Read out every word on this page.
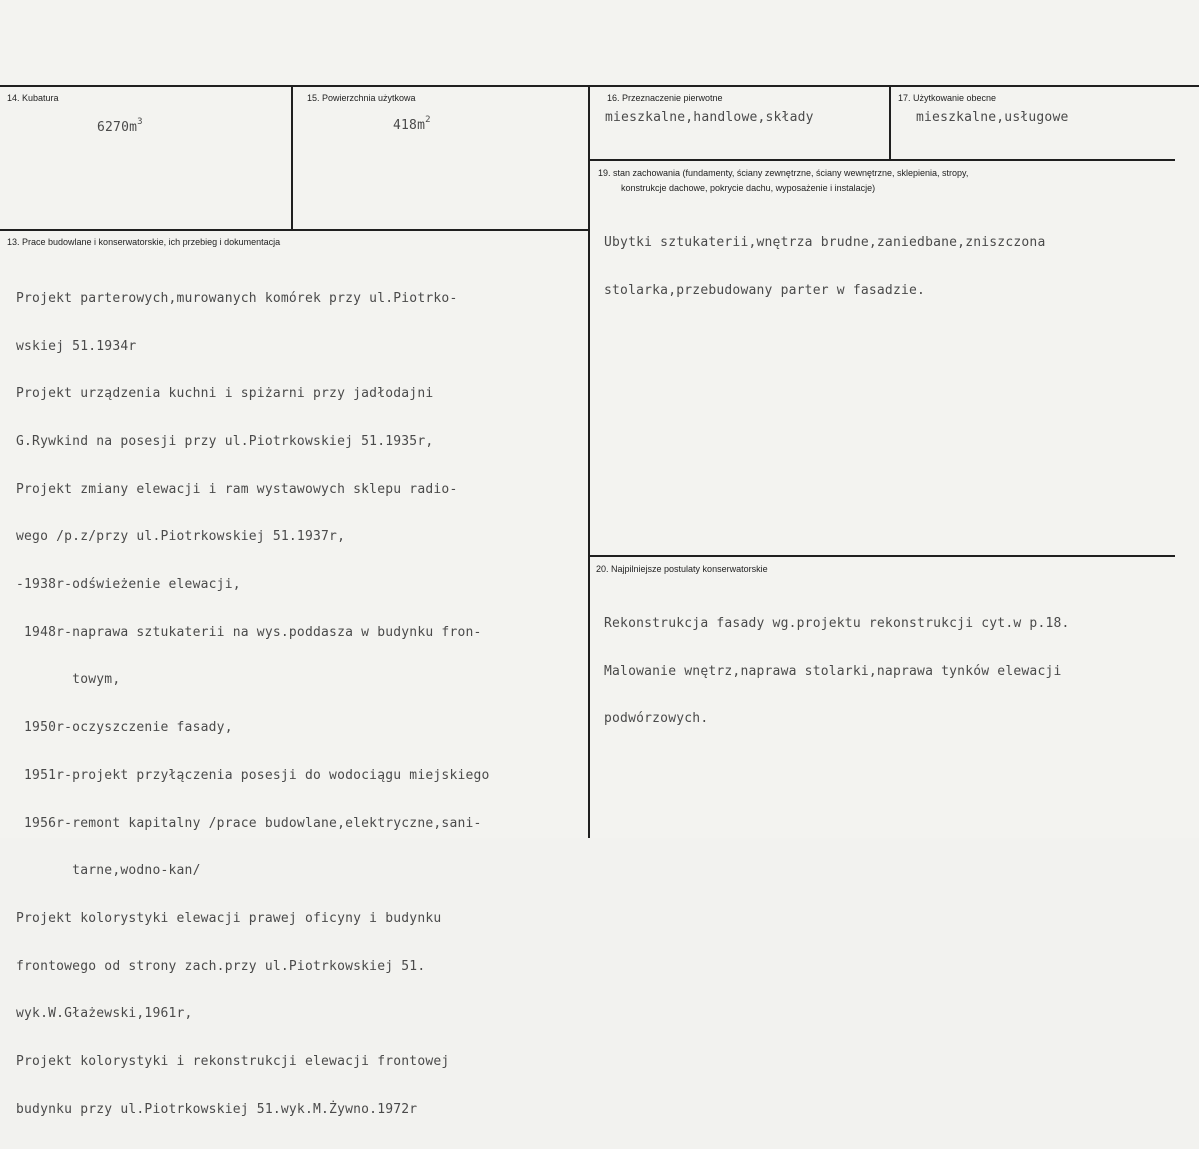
14. Kubatura
$6270m^3$
15. Powierzchnia użytkowa
$418m^2$
16. Przeznaczenie pierwotne
mieszkalne,handlowe,składy
17. Użytkowanie obecne
mieszkalne,usługowe
19. stan zachowania (fundamenty, ściany zewnętrzne, ściany wewnętrzne, sklepienia, stropy,
konstrukcje dachowe, pokrycie dachu, wyposażenie i instalacje)

Ubytki sztukaterii,wnętrza brudne,zaniedbane,zniszczona

stolarka,przebudowany parter w fasadzie.

13. Prace budowlane i konserwatorskie, ich przebieg i dokumentacja

Projekt parterowych,murowanych komórek przy ul.Piotrko-

wskiej 51.1934r

Projekt urządzenia kuchni i spiżarni przy jadłodajni

G.Rywkind na posesji przy ul.Piotrkowskiej 51.1935r,

Projekt zmiany elewacji i ram wystawowych sklepu radio-

wego /p.z/przy ul.Piotrkowskiej 51.1937r,

-1938r-odświeżenie elewacji,

1948r-naprawa sztukaterii na wys.poddasza w budynku fron-

towym,

1950r-oczyszczenie fasady,

1951r-projekt przyłączenia posesji do wodociągu miejskiego

1956r-remont kapitalny /prace budowlane,elektryczne,sani-

tarne,wodno-kan/

Projekt kolorystyki elewacji prawej oficyny i budynku

frontowego od strony zach.przy ul.Piotrkowskiej 51.

wyk.W.Głażewski,1961r,

Projekt kolorystyki i rekonstrukcji elewacji frontowej

budynku przy ul.Piotrkowskiej 51.wyk.M.Żywno.1972r

20. Najpilniejsze postulaty konserwatorskie

Rekonstrukcja fasady wg.projektu rekonstrukcji cyt.w p.18.

Malowanie wnętrz,naprawa stolarki,naprawa tynków elewacji

podwórzowych.
